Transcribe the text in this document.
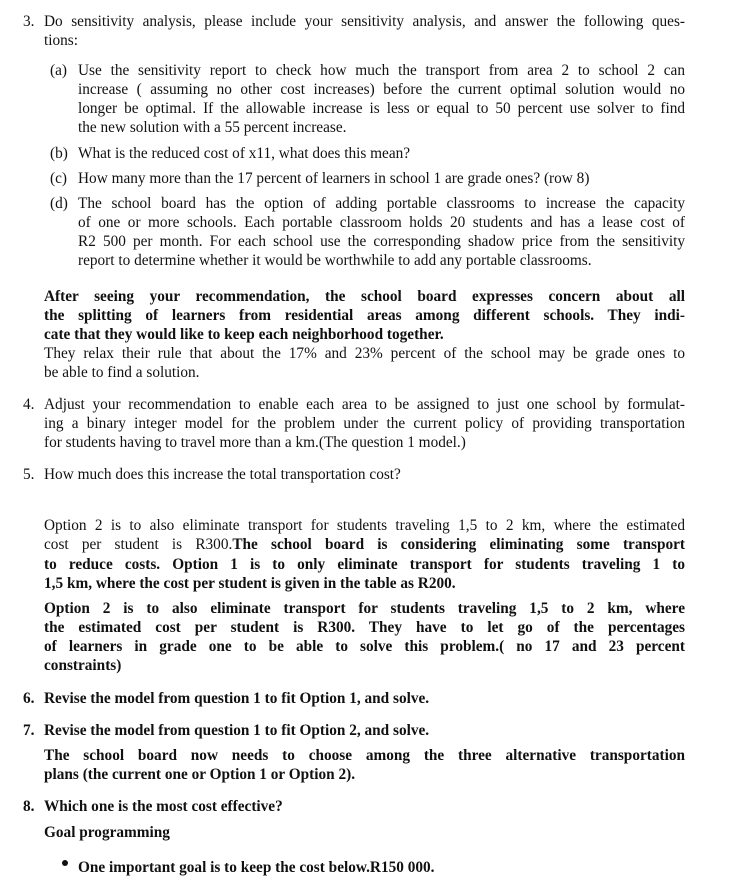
3. Do sensitivity analysis, please include your sensitivity analysis, and answer the following ques-
tions:
(a) Use the sensitivity report to check how much the transport from area 2 to school 2 can
increase ( assuming no other cost increases) before the current optimal solution would no
longer be optimal. If the allowable increase is less or equal to 50 percent use solver to find
the new solution with a 55 percent increase.
(b) What is the reduced cost of x11, what does this mean?
(c) How many more than the 17 percent of learners in school 1 are grade ones? (row 8)
(d) The school board has the option of adding portable classrooms to increase the capacity
of one or more schools. Each portable classroom holds 20 students and has a lease cost of
R2 500 per month. For each school use the corresponding shadow price from the sensitivity
report to determine whether it would be worthwhile to add any portable classrooms.
After seeing your recommendation, the school board expresses concern about all
the splitting of learners from residential areas among different schools. They indi-
cate that they would like to keep each neighborhood together.
They relax their rule that about the 17% and 23% percent of the school may be grade ones to
be able to find a solution.
4. Adjust your recommendation to enable each area to be assigned to just one school by formulat-
ing a binary integer model for the problem under the current policy of providing transportation
for students having to travel more than a km.(The question 1 model.)
5. How much does this increase the total transportation cost?
Option 2 is to also eliminate transport for students traveling 1,5 to 2 km, where the estimated
cost per student is R300.The school board is considering eliminating some transport
to reduce costs. Option 1 is to only eliminate transport for students traveling 1 to
1,5 km, where the cost per student is given in the table as R200.
Option 2 is to also eliminate transport for students traveling 1,5 to 2 km, where
the estimated cost per student is R300. They have to let go of the percentages
of learners in grade one to be able to solve this problem.( no 17 and 23 percent
constraints)
6. Revise the model from question 1 to fit Option 1, and solve.
7. Revise the model from question 1 to fit Option 2, and solve.
The school board now needs to choose among the three alternative transportation
plans (the current one or Option 1 or Option 2).
8. Which one is the most cost effective?
Goal programming
One important goal is to keep the cost below.R150 000.
